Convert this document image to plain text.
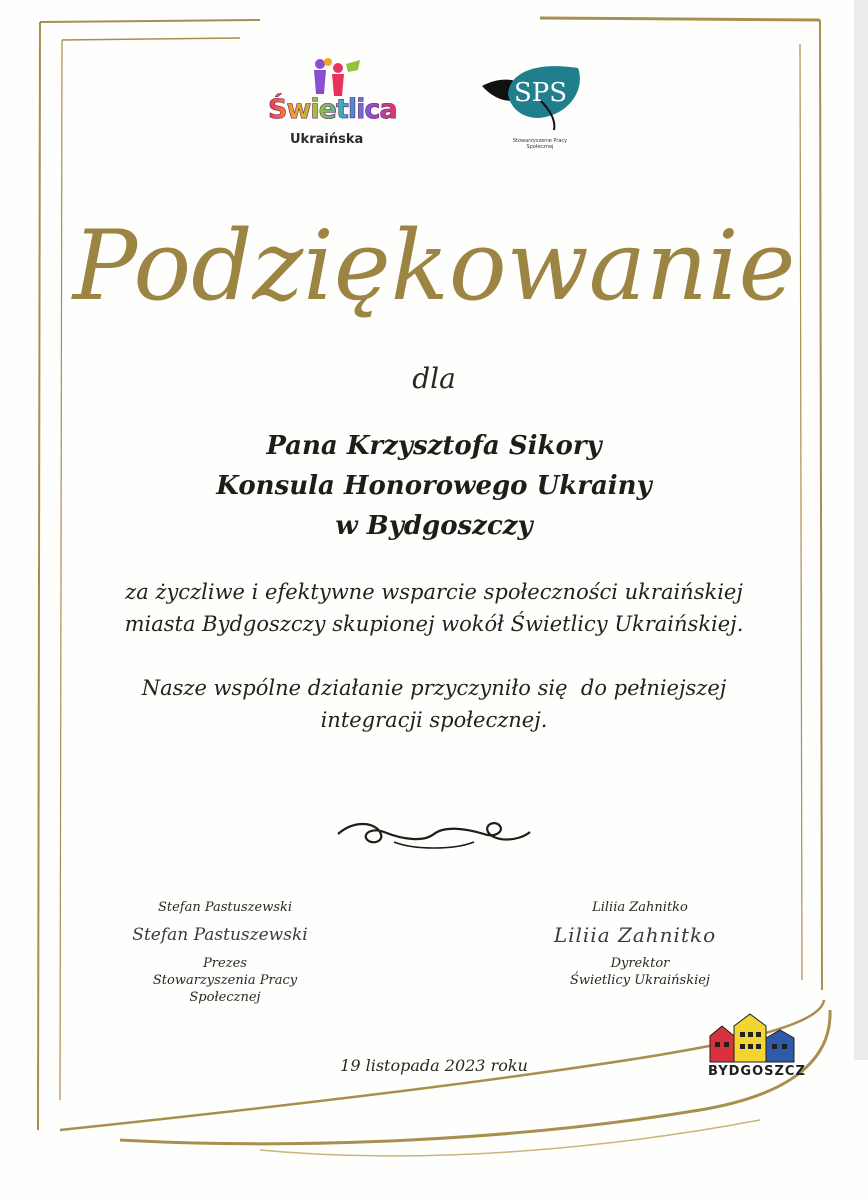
Świetlica
Ukraińska
SPS
Stowarzyszenie Pracy Społecznej
Podziękowanie
dla
Pana Krzysztofa Sikory
Konsula Honorowego Ukrainy
w Bydgoszczy
za życzliwe i efektywne wsparcie społeczności ukraińskiej
miasta Bydgoszczy skupionej wokół Świetlicy Ukraińskiej.
Nasze wspólne działanie przyczyniło się  do pełniejszej
integracji społecznej.
Stefan Pastuszewski
Stefan Pastuszewski
Prezes
Stowarzyszenia Pracy
Społecznej
Liliia Zahnitko
Liliia Zahnitko
Dyrektor
Świetlicy Ukraińskiej
19 listopada 2023 roku	BYDGOSZCZ
